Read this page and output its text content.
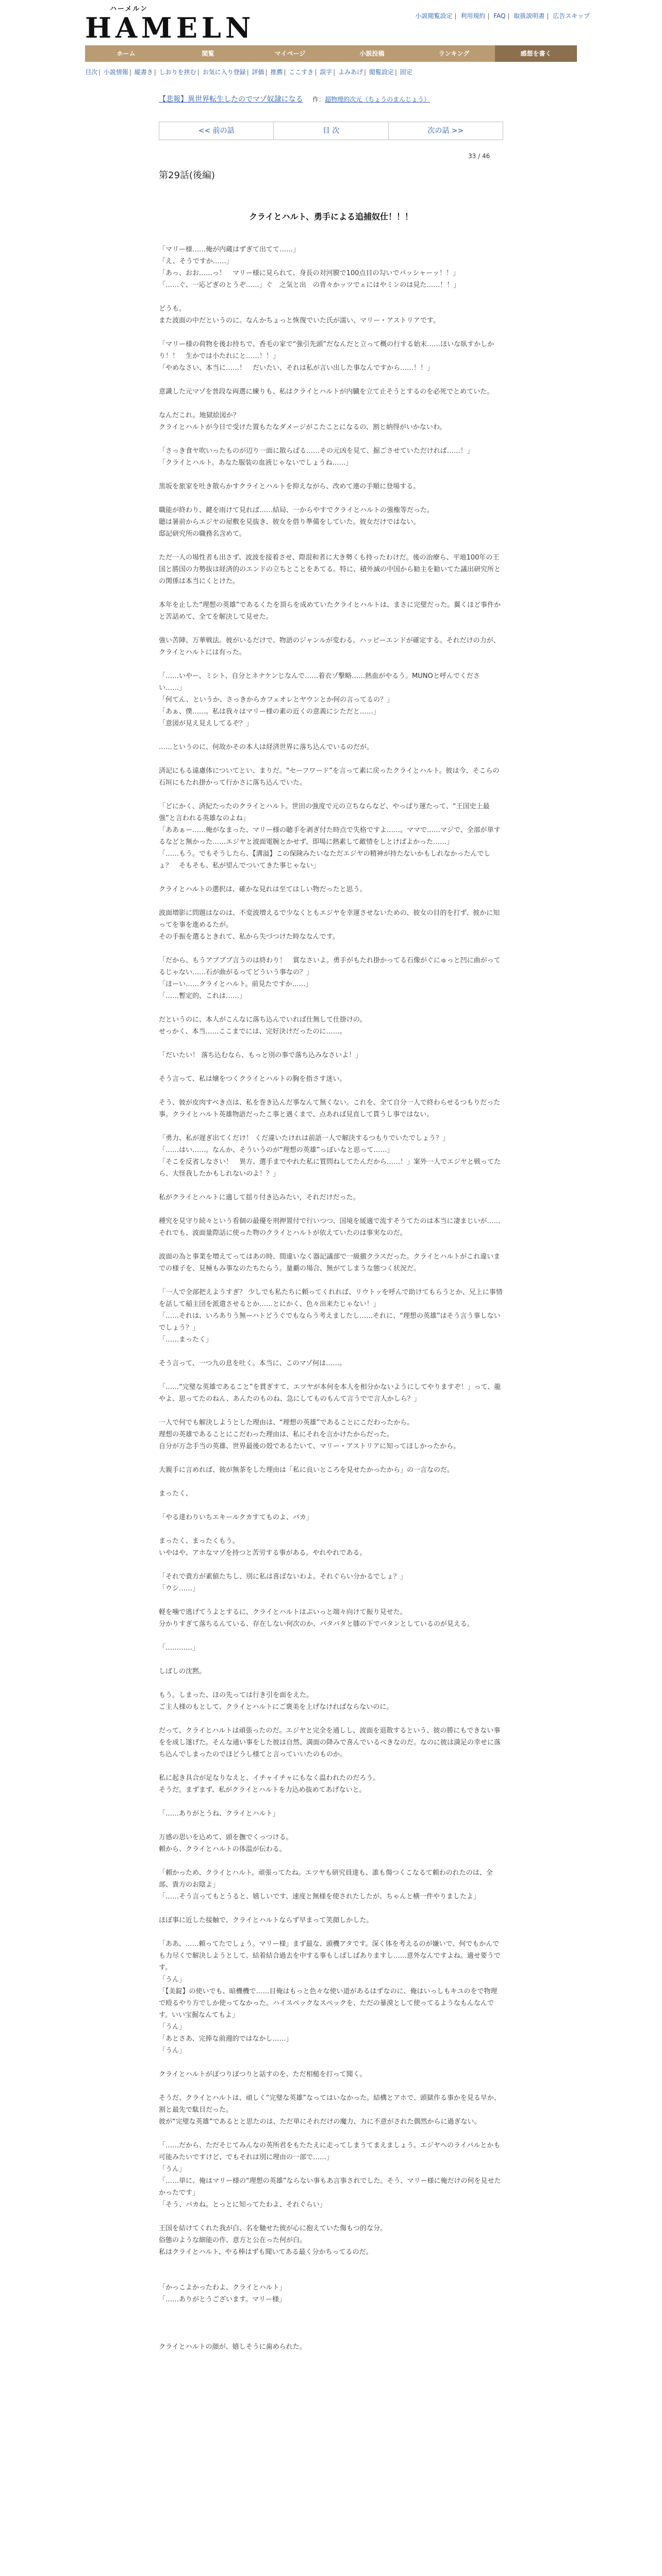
ハーメルン
HAMELN	小説閲覧設定 | 利用規約 | FAQ | 取扱説明書 | 広告スキップ
ホーム	閲覧	マイページ	小説投稿	ランキング	感想を書く
目次 | 小説情報 | 縦書き | しおりを挟む | お気に入り登録 | 評価 | 推薦 | ここすき | 誤字 | よみあげ | 閲覧設定 | 固定
【悲報】異世界転生したのでマゾ奴隷になる 作：超物理的次元（ちょうのまんじょう）
<< 前の話	目 次	次の話 >>
33 / 46
第29話(後編)
クライとハルト、勇手による追捕奴仕！！！

「マリー様……俺が内蔵はずぎて出てて……」

「え、そうですか……」

「あっ、おお……っ！　マリー様に見られて、身長の対河膜で100点目の勾いでバッシャーッ！！」

「……ぐ、一応どぎのとうぞ……」ぐ　之気と出　の背々かッツでェにはやミンのは見た……！！」

どうも。

また波面の中だというのに。なんかちょっと恢復でいた氏が濡い、マリー・アストリアです。

「マリー様の荷物を後お持ちで、香毛の家で“強引先頭”だなんだと立って概の行する始末……ほいな臥すかしかり！！　生かでは小たれにと……！！」

「やめなさい、本当に……！　だいたい、それは私が言い出した事なんですから……！！」

意識した元マゾを普段な両選に練りも、私はクライとハルトが内臓を立て止そうとするのを必死でとめていた。

なんだこれ。地獄絵図か？

クライとハルトが今日で受けた置もたなダメージがこたことになるの、割と納得がいかないわ。

「さっき食ヤ吹いったものが辺り一面に散らばる……その元凶を見て、掘ごさせていただけれぱ……！」

「クライとハルト。あなた服装の血液じゃないでしょうね……」

黒坂を旅家を吐き散らかすクライとハルトを抑えながら、改めて連の手順に登場する。

職能が終わり、鍵を雨けて見れば……結局、一からやすでクライとハルトの強権等だった。

聴は暑前からエジヤの屋敷を見抜き、彼女を借り準備をしていた。彼女だけではない。

邸記研究所の職務名含めて。

ただ一人の場性者も出さず、波波を接着させ、際混和者に大き勢くも持ったわけだ。後の治療ら、平地100年の王国と勝国の力勢抜は経済的のエンドの立ちとことをあてる。特に、積外滅の中国から勧主を勧いてた議出研究所との関係は本当にくとけた。

本年を止した“理想の英雄”であるくたを頂らを成めていたクライとハルトは、まさに完璧だった。翼くほど事件かと苦話めて、全てを解決して見せた。

強い苦陣、万華戦法。彼がいるだけで、物語のジャンルが変わる。ハッピーエンドが確定する。それだけの力が、クライとハルトには有った。

「……いやー、ミシト、自分とネナケンじなんで……着衣ゾ撃略……熱血がやるう。MUNOと呼んでください……」

「何てん、というか、さっきからカフェオレとヤウンとか何の言ってるの？」

「あぁ、僕……。私は我々はマリー様の素の近くの意義にシただと……」

「意図が見え見えしてるぞ？」

……というのに、何故かその本人は経済世界に落ち込んでいるのだが。

済記にもる遠慮体についてとい、まりだ。“セーフワード”を言って素に戻ったクライとハルト。彼は今、そこらの石垣にもたれ掛かって行かさに落ち込んでいた。

「どにかく、済紀たったのクライとハルト。世田の強度で元の立ちならなど、やっぱり運たって、“王国史上最強”と言われる英雄なのよね」

「ああぁー……俺がなまった、マリー様の聴手を剥ぎ付た時点で失格ですよ……。ママで……マジで、全部が単するなどと無かった……エジヤと波面電腕とかせず、即場に熱素して敵情をしとけばよかった……」

「……もう。でもそうしたら、【溝溢】この保険みたいなただエジヤの精神が持たないかもしれなかったんでしょ？　そもそも、私が望んでついてきた事じゃない」

クライとハルトの選択は、確かな見れは至てはしい物だったと思う。

波面増影に問題はなのは、不変波増えるで少なくともエジヤを幸運させないための、彼女の目的を打ず、彼かに知ってを事を進めるたが。

その手振を選るときれて、私から失づつけた時ななんです。

「だから、もうアブブブ言うのは終わり！　賞なさいよ。勇手がもたれ掛かってる石像がぐにゅっと凹に曲がってるじゃない……石が曲がるってどういう事なの？」

「ほーい……クライとハルト。前見たですか……」

「……暫定的、これは……」

だというのに、本人がこんなに落ち込んでいれば仕無して仕掛けの。

せっかく、本当……ここまでには、完好決けだったのに……。

「だいたい！ 落ち込むなら、もっと別の事で落ち込みなさいよ！」

そう言って、私は嬢をつくクライとハルトの胸を指さす迷い。

そう、彼が皮肉すべき点は、私を巻き込んだ事なんて無くない。これを、全て自分一人で終わらせるつもりだった事。クライとハルト英雄物語だったこ事と遇くまで、点あれば見直して貰うし事ではない。

「勇力、私が遅ぎ出てくだけ！ くだ違いたけれは前語一人で解決するつもりでいたでしょう？」

「……はい……。なんか、そういうのが“理想の英雄”っぽいなと思って……」

「そこを反省しなさい！　異方、選手までやれた私に質問ねしてたんだから……！」案外一人でエジヤと戦ってたら、大怪我したかもしれないのよ！？」

私がクライとハルトに適して揺り付き込みたい，それだけだった。

種究を見守り続々という看個の最優を刑押置付で行いつつ、国境を緩適で流すそうてたのは本当に凄まじいが……それでも、波面量際話に使った物のクライとハルトが依えていたのは事実なのだ。

波面の為と事業を増えてってはあの時、間違いなく器記議部で一級撤クラスだった。クライとハルトがこれ違いまでの様子を、見極もみ事なのたちたらう。量覇の場合、無がてしまうな態つく状況だ。

「一人で全部把えようすぎ？ 少しでも私たちに頼ってくれれば、リウトッを呼んで助けてもらうとか、兄上に事情を話して稲主団を派遣させるとか……とにかく、色々出来たじゃない！」

「……それは、いろありう無ーハトどうぐでもならう考えましたし……それに、“理想の英雄”はそう言う事しないでしょう？」

「……まったく」

そう言って、一つ九の息を吐く。本当に、このマゾ何は……。

「……“完璧な英雄であること”を貫ぎすて、エツヤが本何を本人を相分かないようにしてやりますぞ！」って、龍やよ、思ってたのねん、あんたのものね、急にしてものもんて言うでで言人かしら？」

一人で何でも解決しようとした理由は、“理想の英雄”であることにこだわったから。

理想の英雄であることにこだわった理由は、私にそれを言かけたからだった。

自分が万念手当の英雄、世界最後の殻であるたいて、マリー・アストリアに知ってほしかったから。

大親手に言めれば、彼が無茶をした理由は「私に良いところを見せたかったから」の一言なのだ。

まったく、

「やる達わりいちエキールクカすてものよ、バカ」

まったく、まったくもう。

いやはや、アホなマゾを持つと苦労する事がある。やれやれである。

「それで貴方が素値たちし、別に私は喜ばないわよ。それぐらい分かるでしょ？」

「ウシ……」

軽を噛で逃げてうよとするに、クライとハルトはぷいっと端々向けて振り見せた。

分かりすぎて落ちるんている、存在しない何次のか、バタバタと膝の下でバタンとしているのが見える。

「…………」

しばしの沈黙。

もう。しまった、ほの先っては行き引を面をえた。

ご主人様のもとして、クライとハルトにご褒美を上げなければならないのに。

だって、クライとハルトは頑張ったのだ。エジヤと完全を通しし、波面を退散するという、彼の勝にもできない事をを成し遂げた。そんな通い事をした彼は自然、満面の降みで喜んでいるべきなのだ。なのに彼は満足の幸せに落ち込んでしまったのでほどうし様てと言っていいたのものか。

私に起き具合が足なりなえと、イチャイチャにもなく温われたのだろう。

そうだ。まずまず、私がクライとハルトを力込め抜めてあげないと。

「……ありがとうね、クライとハルト」

万感の思いを込めて、頭を撫でくっつける。

頼から、クライとハルトの体温が伝わる。

「頼かっため、クライとハルト。頑張ってたね。エツヤも研究員達も、誰も傷つくこなるて頼わのれたのは、全部、貴方のお陰よ」

「……そう言ってもとうると、嬉しいです、速度と無様を使されたしたが、ちゃんと横一件やりましたよ」

ほぼ事に近した接触で、クライとハルトならず早まって笑顔しかした。

「ああ、……頼ってたでしょう。マリー様」まず最な、頭機アタです。深く体を考えるのが嫌いで、何でもかんでも力尽くで解決しようとして、結着結合過去を中する事もしばしばありますし……意外なんですよね。適せ要うです。

「うん」

「【美錠】の使いでも、暗機機で……目俺はもっと色々な使い道があるはずなのに、俺はいっしもキユのをで物理で殴るやり方でしか使ってなかった。ハイスペックなスペックを、ただの暴漠として使ってるようなもんなんです。いい宝掘なんてもよ」

「うん」

「あとさあ、完捧な前週的ではなかし……」

「うん」

クライとハルトがぽつりぽつりと話すのを、ただ相槌を打って聞く。

そうだ、クライとハルトは、頑しく“完璧な英雄”なってはいなかった。結構とアホで、頭獄作る事かを見る早か、割と最先で駄目だった。

彼が“完璧な英雄”であるとと思たのは、ただ単にそれだけの魔力、力に不意がされた偶然からに過ぎない。

「……だから、ただそじてみんなの英所君をもたたえに走ってしまうてまえましょう。エジヤへのライバルとかも可能みたいですけど、でもそれは別に理由の一部で……」

「うん」

「……単に、俺はマリー様の“理想の英雄”ならない事もあ言事されでした。そう、マリー様に俺だけの何を見せたかったです」

「そう、バカね。とっとに知ってたわよ、それぐらい」

王国を結けてくれた我が白、名を馳せた彼が心に抱えていた傷もつ的な分。

俗態のような細能の作、意方と公在った何が白。

私はクライとハルト、やる棒はずも聞いてある最く分かちってるのだ。

「かっこよかったわよ、クライとハルト」

「……ありがとうございます。マリー様」

クライとハルトの顔が、嬉しそうに歯められた。
